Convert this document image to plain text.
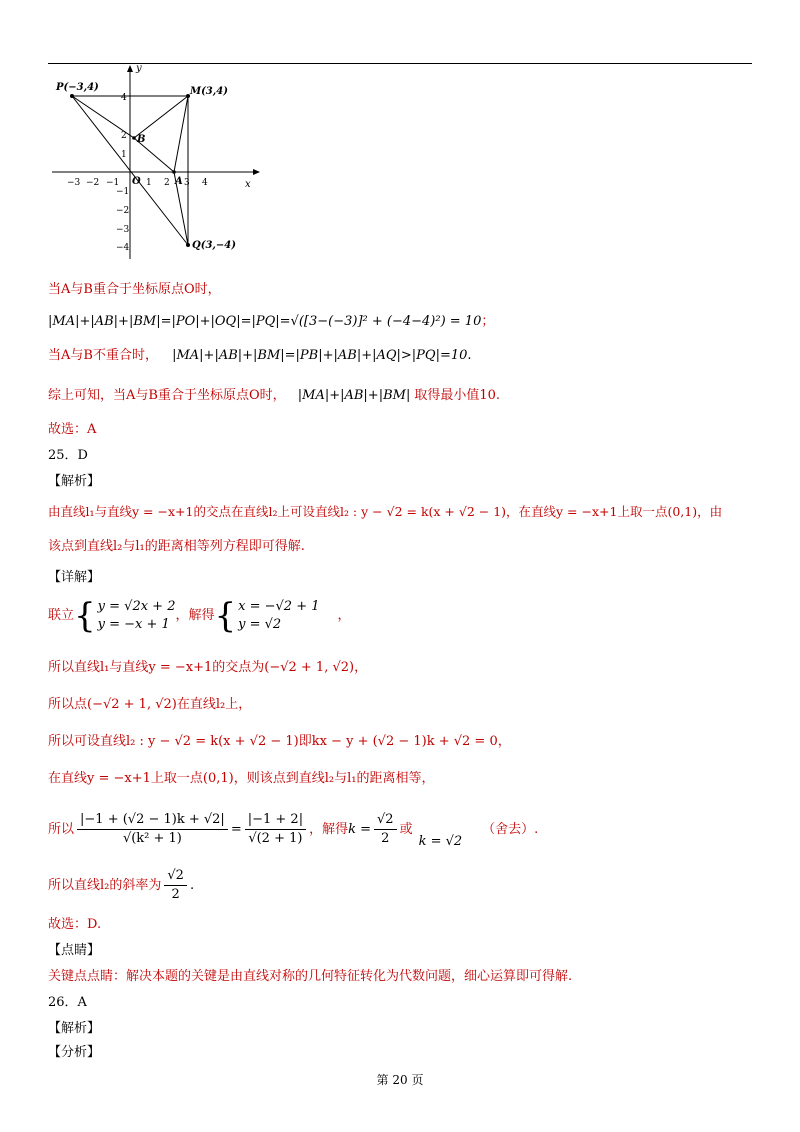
P(−3,4)	M(3,4)
Q(3,−4)
B
A
O	x
y
−3 −2 −1	1 2 3 4
4
2
1
−1
−2
−3
−4
当A与B重合于坐标原点O时，
|MA|+|AB|+|BM|=|PO|+|OQ|=|PQ|=√([3−(−3)]² + (−4−4)²) = 10；
当A与B不重合时， |MA|+|AB|+|BM|=|PB|+|AB|+|AQ|>|PQ|=10.
综上可知，当A与B重合于坐标原点O时， |MA|+|AB|+|BM| 取得最小值10.
故选：A
25．D
【解析】
由直线l₁与直线y = −x+1的交点在直线l₂上可设直线l₂ : y − √2 = k(x + √2 − 1)，在直线y = −x+1上取一点(0,1)，由
该点到直线l₂与l₁的距离相等列方程即可得解.
【详解】
联立{ y = √2x + 2
y = −x + 1
，解得{ x = −√2 + 1
y = √2
，
所以直线l₁与直线y = −x+1的交点为(−√2 + 1, √2)，
所以点(−√2 + 1, √2)在直线l₂上，
所以可设直线l₂ : y − √2 = k(x + √2 − 1)即kx − y + (√2 − 1)k + √2 = 0，
在直线y = −x+1上取一点(0,1)，则该点到直线l₂与l₁的距离相等，
所以 $\frac{|-1 + (√2 - 1)k + √2|}{\text{√(k² + 1)}} = \frac{|-1 + 2|}{√(2 + 1)}$ ，解得$k = \frac{√2}{2}$ 或k = √2（舍去）.
所以直线l₂的斜率为 $\frac{√2}{2}$ .
故选：D.
【点睛】
关键点点睛：解决本题的关键是由直线对称的几何特征转化为代数问题，细心运算即可得解.
26．A
【解析】
【分析】
第 20 页
